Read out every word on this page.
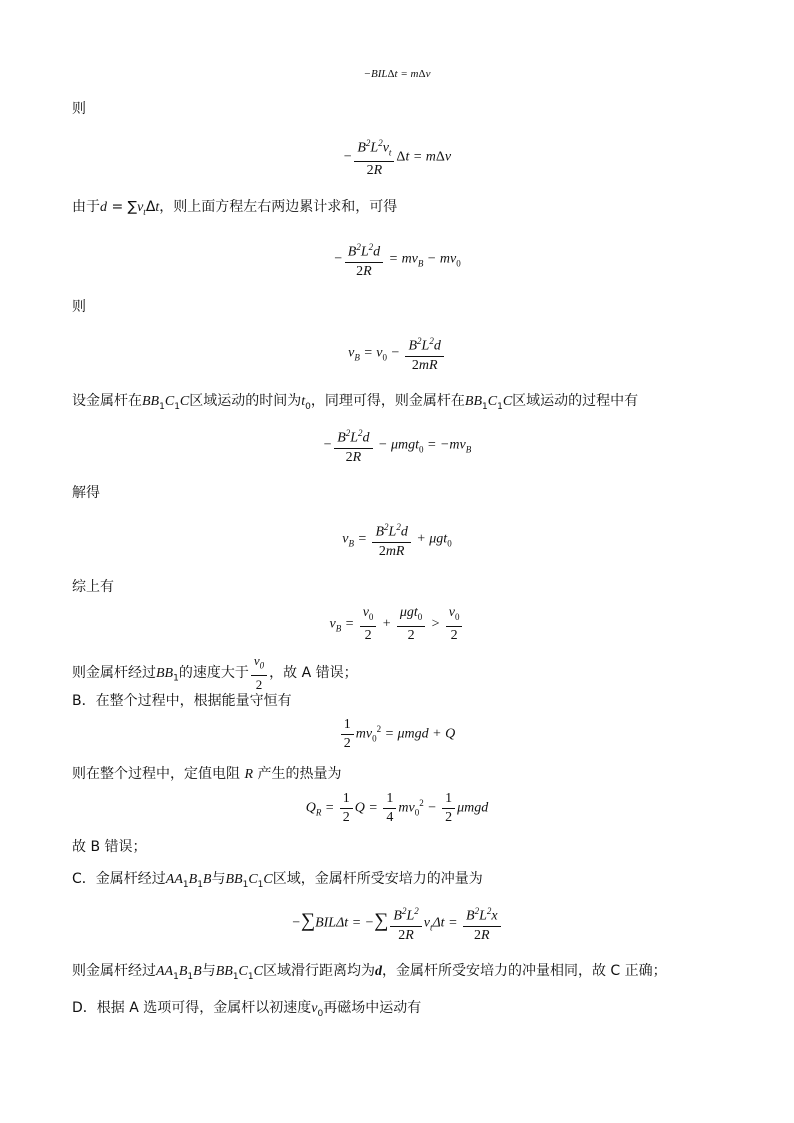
−BILΔt = mΔv
则
− $\frac{B^2L^2v_t}{2R}$ Δt = mΔv
由于$d = \sum v_t\Delta t$，则上面方程左右两边累计求和，可得
− $\frac{B^2L^2d}{2R} = mv_B - mv_0$
则
$v_B = v_0 - \frac{B^2L^2d}{2mR}$
设金属杆在$BB_1C_1C$区域运动的时间为$t_0$，同理可得，则金属杆在$BB_1C_1C$区域运动的过程中有
− $\frac{B^2L^2d}{2R} - \mu mgt_0 = -mv_B$
解得
$v_B = \frac{B^2L^2d}{2mR} + \mu gt_0$
综上有
$v_B = \frac{v_0}{2} + \frac{\mu gt_0}{2} > \frac{v_0}{2}$
则金属杆经过$BB_1$的速度大于 $\frac{v_0}{2}$ ，故 A 错误；
B．在整个过程中，根据能量守恒有
$\frac{1}{2} mv_0^2 = \mu mgd + Q$
则在整个过程中，定值电阻 R 产生的热量为
$Q_R = \frac{1}{2}$ $Q = \frac{1}{4} mv_0^2 - \frac{1}{2}$ μmgd
故 B 错误；
C．金属杆经过$AA_1B_1B$与$BB_1C_1C$区域，金属杆所受安培力的冲量为
−∑BILΔt = −∑ $\frac{B^2L^2}{2R} v_t\Delta t = \frac{B^2L^2x}{2R}$
则金属杆经过$AA_1B_1B$与$BB_1C_1C$区域滑行距离均为d，金属杆所受安培力的冲量相同，故 C 正确；
D．根据 A 选项可得，金属杆以初速度$v_0$再磁场中运动有
